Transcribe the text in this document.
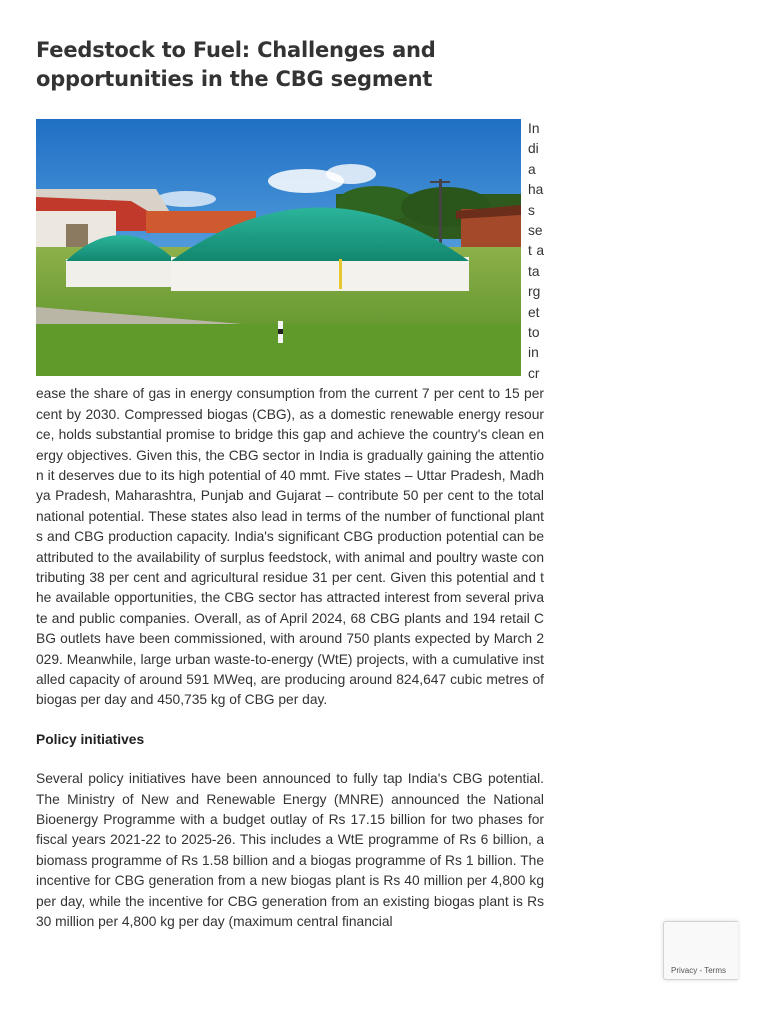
Feedstock to Fuel: Challenges and opportunities in the CBG segment

India has set a target to increase the share of gas in energy consumption from the current 7 per cent to 15 per cent by 2030. Compressed biogas (CBG), as a domestic renewable energy resource, holds substantial promise to bridge this gap and achieve the country's clean energy objectives. Given this, the CBG sector in India is gradually gaining the attention it deserves due to its high potential of 40 mmt. Five states – Uttar Pradesh, Madhya Pradesh, Maharashtra, Punjab and Gujarat – contribute 50 per cent to the total national potential. These states also lead in terms of the number of functional plants and CBG production capacity. India's significant CBG production potential can be attributed to the availability of surplus feedstock, with animal and poultry waste contributing 38 per cent and agricultural residue 31 per cent. Given this potential and the available opportunities, the CBG sector has attracted interest from several private and public companies. Overall, as of April 2024, 68 CBG plants and 194 retail CBG outlets have been commissioned, with around 750 plants expected by March 2029. Meanwhile, large urban waste-to-energy (WtE) projects, with a cumulative installed capacity of around 591 MWeq, are producing around 824,647 cubic metres of biogas per day and 450,735 kg of CBG per day.

Policy initiatives

Several policy initiatives have been announced to fully tap India's CBG potential. The Ministry of New and Renewable Energy (MNRE) announced the National Bioenergy Programme with a budget outlay of Rs 17.15 billion for two phases for fiscal years 2021-22 to 2025-26. This includes a WtE programme of Rs 6 billion, a biomass programme of Rs 1.58 billion and a biogas programme of Rs 1 billion. The incentive for CBG generation from a new biogas plant is Rs 40 million per 4,800 kg per day, while the incentive for CBG generation from an existing biogas plant is Rs 30 million per 4,800 kg per day (maximum central financial

Privacy - Terms
